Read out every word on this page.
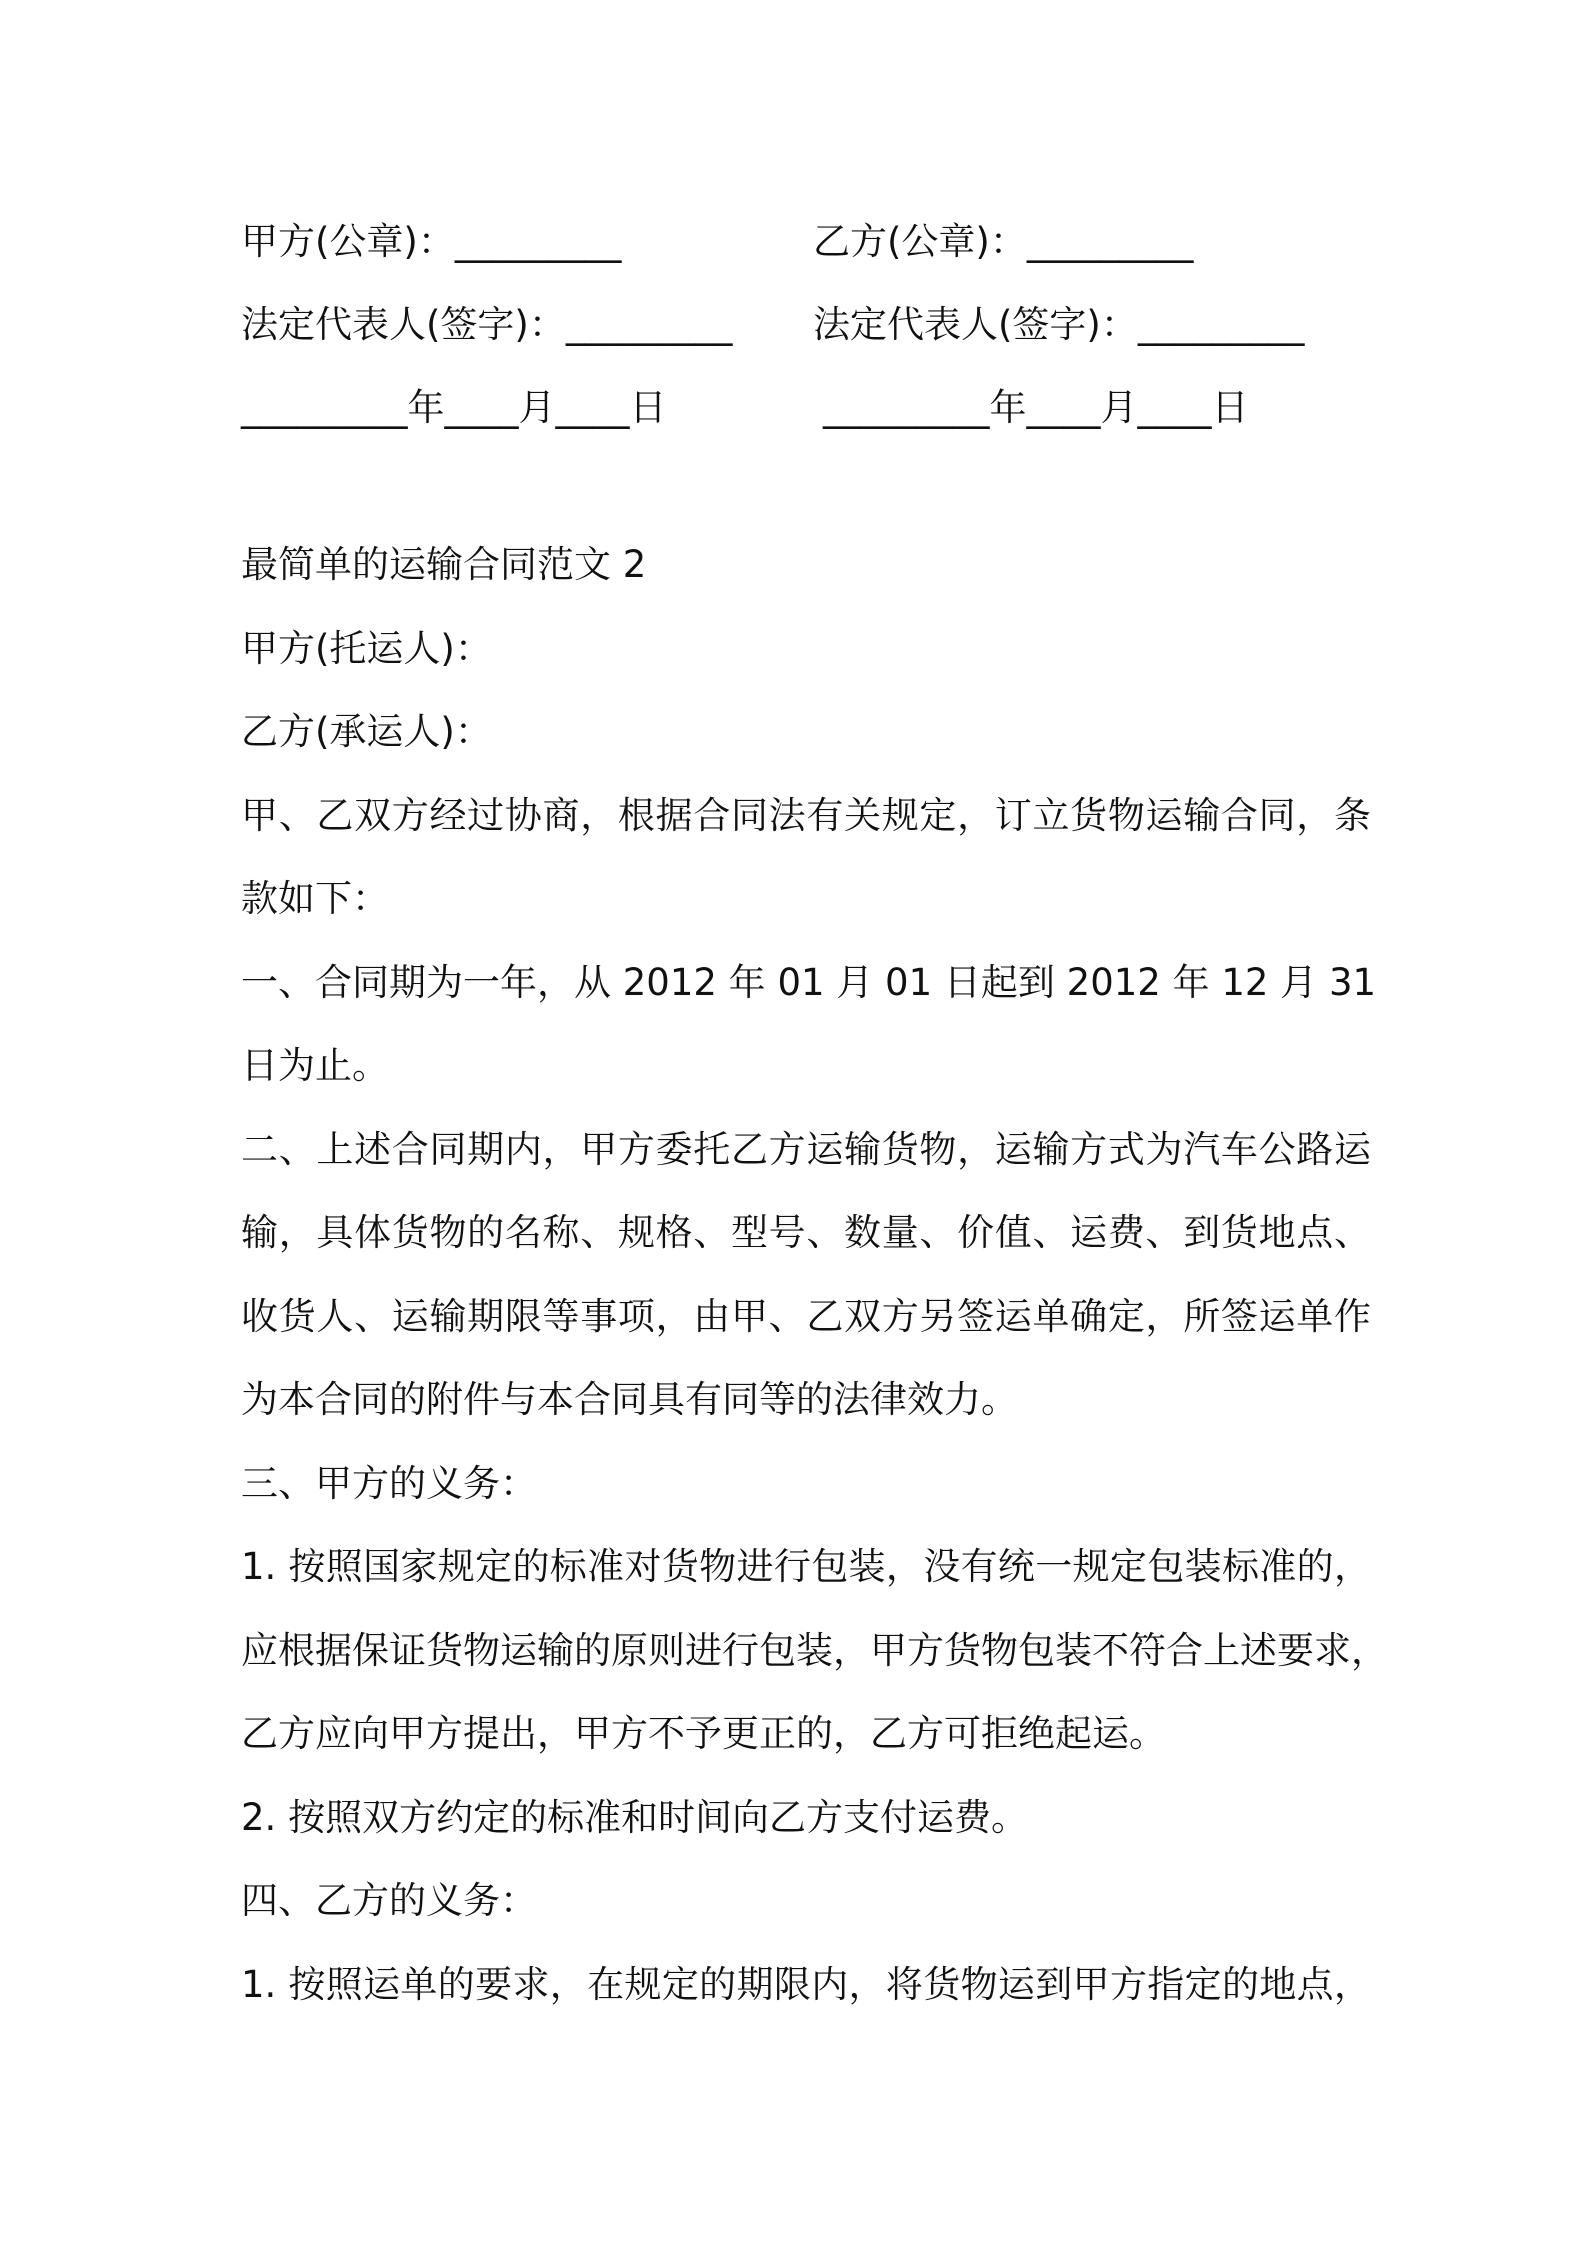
甲方(公章)：_________	乙方(公章)：_________
法定代表人(签字)：_________	法定代表人(签字)：_________
_________年____月____日	_________年____月____日
最简单的运输合同范文 2
甲方(托运人)：
乙方(承运人)：
甲、乙双方经过协商，根据合同法有关规定，订立货物运输合同，条
款如下：
一、合同期为一年，从 2012 年 01 月 01 日起到 2012 年 12 月 31
日为止。
二、上述合同期内，甲方委托乙方运输货物，运输方式为汽车公路运
输，具体货物的名称、规格、型号、数量、价值、运费、到货地点、
收货人、运输期限等事项，由甲、乙双方另签运单确定，所签运单作
为本合同的附件与本合同具有同等的法律效力。
三、甲方的义务：
1. 按照国家规定的标准对货物进行包装，没有统一规定包装标准的，
应根据保证货物运输的原则进行包装，甲方货物包装不符合上述要求，
乙方应向甲方提出，甲方不予更正的，乙方可拒绝起运。
2. 按照双方约定的标准和时间向乙方支付运费。
四、乙方的义务：
1. 按照运单的要求，在规定的期限内，将货物运到甲方指定的地点，
